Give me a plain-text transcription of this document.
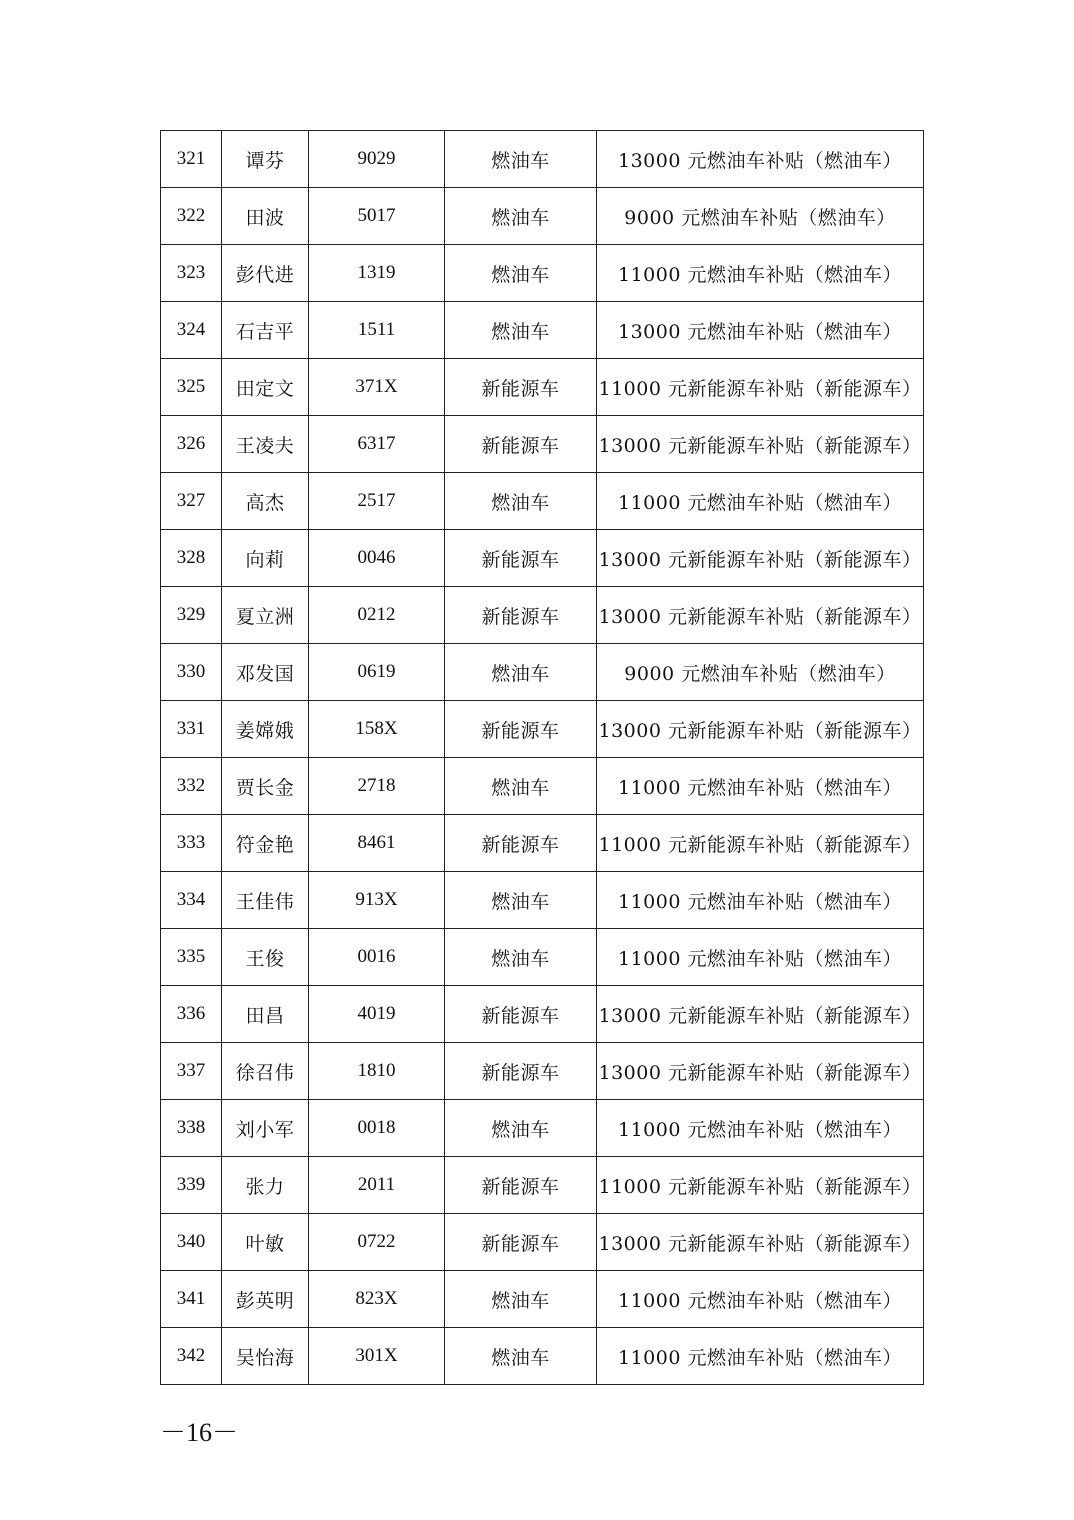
321	谭芬	9029	燃油车	13000 元燃油车补贴（燃油车）
322	田波	5017	燃油车	9000 元燃油车补贴（燃油车）
323	彭代进	1319	燃油车	11000 元燃油车补贴（燃油车）
324	石吉平	1511	燃油车	13000 元燃油车补贴（燃油车）
325	田定文	371X	新能源车	11000 元新能源车补贴（新能源车）
326	王凌夫	6317	新能源车	13000 元新能源车补贴（新能源车）
327	高杰	2517	燃油车	11000 元燃油车补贴（燃油车）
328	向莉	0046	新能源车	13000 元新能源车补贴（新能源车）
329	夏立洲	0212	新能源车	13000 元新能源车补贴（新能源车）
330	邓发国	0619	燃油车	9000 元燃油车补贴（燃油车）
331	姜嫦娥	158X	新能源车	13000 元新能源车补贴（新能源车）
332	贾长金	2718	燃油车	11000 元燃油车补贴（燃油车）
333	符金艳	8461	新能源车	11000 元新能源车补贴（新能源车）
334	王佳伟	913X	燃油车	11000 元燃油车补贴（燃油车）
335	王俊	0016	燃油车	11000 元燃油车补贴（燃油车）
336	田昌	4019	新能源车	13000 元新能源车补贴（新能源车）
337	徐召伟	1810	新能源车	13000 元新能源车补贴（新能源车）
338	刘小军	0018	燃油车	11000 元燃油车补贴（燃油车）
339	张力	2011	新能源车	11000 元新能源车补贴（新能源车）
340	叶敏	0722	新能源车	13000 元新能源车补贴（新能源车）
341	彭英明	823X	燃油车	11000 元燃油车补贴（燃油车）
342	吴怡海	301X	燃油车	11000 元燃油车补贴（燃油车）
－16－
